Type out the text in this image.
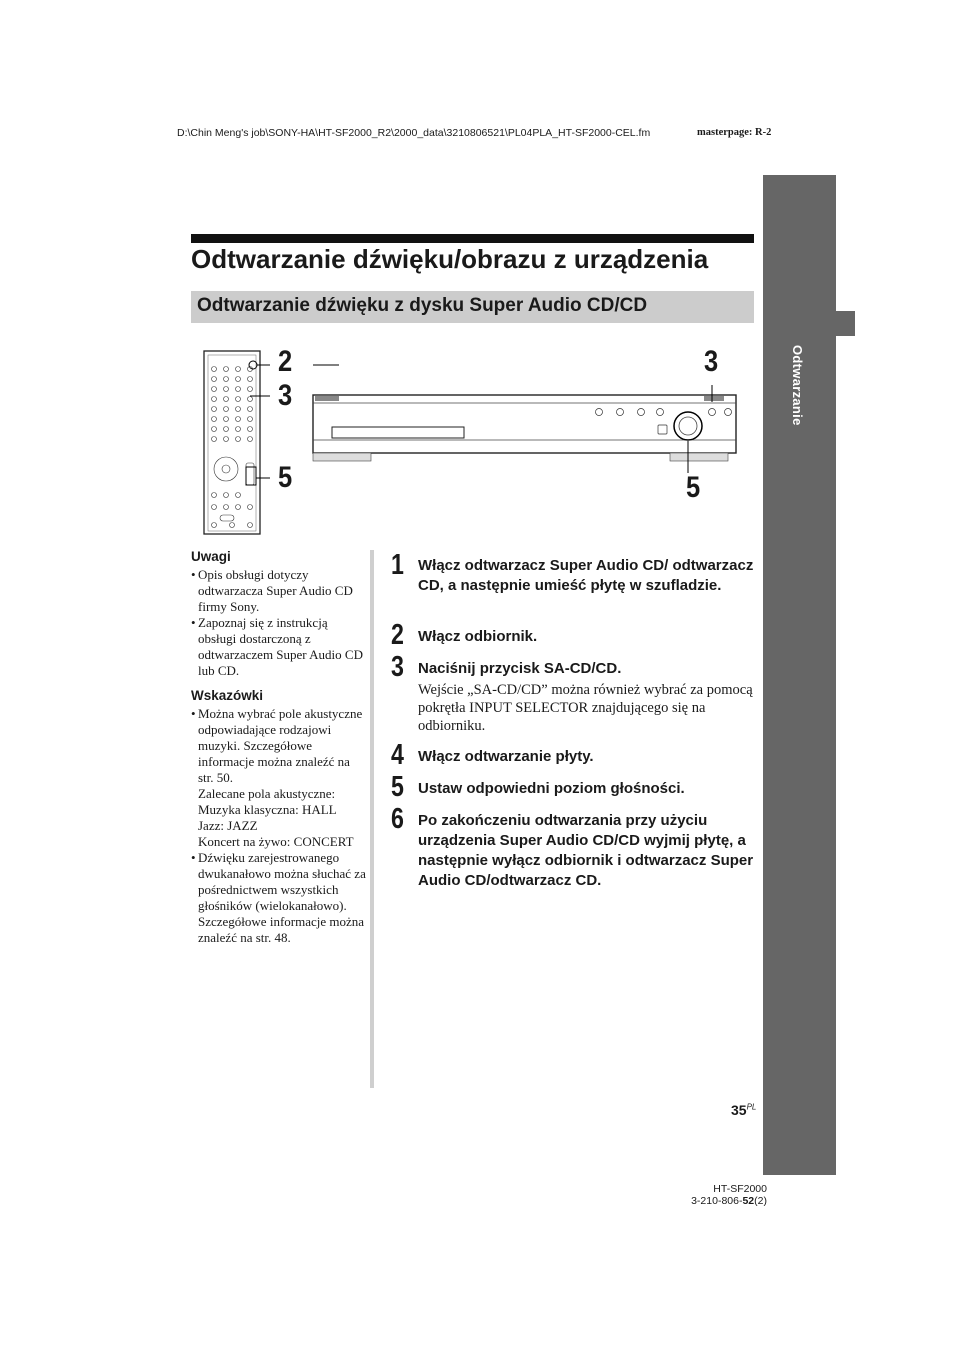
D:\Chin Meng's job\SONY-HA\HT-SF2000_R2\2000_data\3210806521\PL04PLA_HT-SF2000-CEL.fm	masterpage: R-2
Odtwarzanie
Odtwarzanie dźwięku/obrazu z urządzenia
Odtwarzanie dźwięku z dysku Super Audio CD/CD
2
3
5
3
5
Uwagi
• Opis obsługi dotyczy odtwarzacza Super Audio CD firmy Sony.
• Zapoznaj się z instrukcją obsługi dostarczoną z odtwarzaczem Super Audio CD lub CD.
Wskazówki
• Można wybrać pole akustyczne odpowiadające rodzajowi muzyki. Szczegółowe informacje można znaleźć na str. 50.
Zalecane pola akustyczne:
Muzyka klasyczna: HALL
Jazz: JAZZ
Koncert na żywo: CONCERT
• Dźwięku zarejestrowanego dwukanałowo można słuchać za pośrednictwem wszystkich głośników (wielokanałowo). Szczegółowe informacje można znaleźć na str. 48.
1 Włącz odtwarzacz Super Audio CD/ odtwarzacz CD, a następnie umieść płytę w szufladzie.
2 Włącz odbiornik.
3 Naciśnij przycisk SA-CD/CD.
Wejście „SA-CD/CD” można również wybrać za pomocą pokrętła INPUT SELECTOR znajdującego się na odbiorniku.
4 Włącz odtwarzanie płyty.
5 Ustaw odpowiedni poziom głośności.
6 Po zakończeniu odtwarzania przy użyciu urządzenia Super Audio CD/CD wyjmij płytę, a następnie wyłącz odbiornik i odtwarzacz Super Audio CD/odtwarzacz CD.
$35^{PL}$
HT-SF2000
3-210-806-52(2)
